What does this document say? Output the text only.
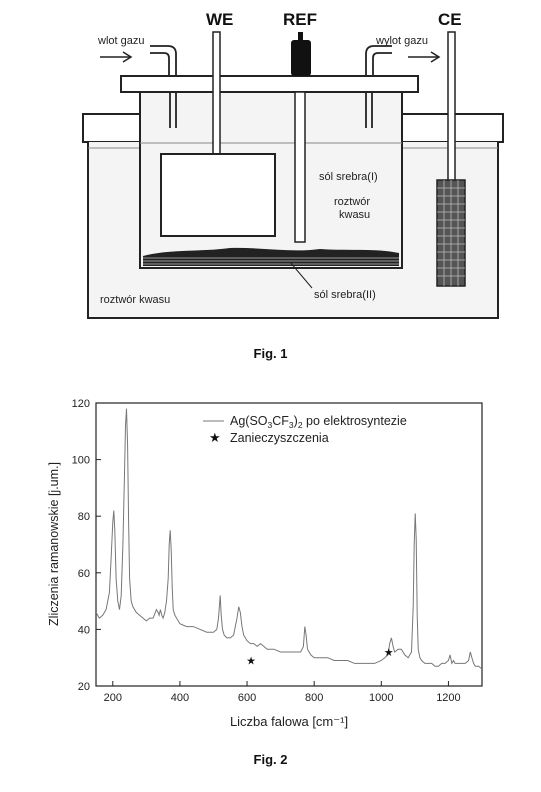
WE	REF	CE
wlot gazu	wylot gazu
sól srebra(I)
roztwór
kwasu
sól srebra(II)
roztwór kwasu
Fig. 1
200	400	600	800	1000	1200
20
40
60
80
100
120
★
★
$Ag(SO_3CF_3)_2$ po elektrosyntezie
★ Zanieczyszczenia
Liczba falowa [cm⁻¹]
Zliczenia ramanowskie [j.um.]
Fig. 2
